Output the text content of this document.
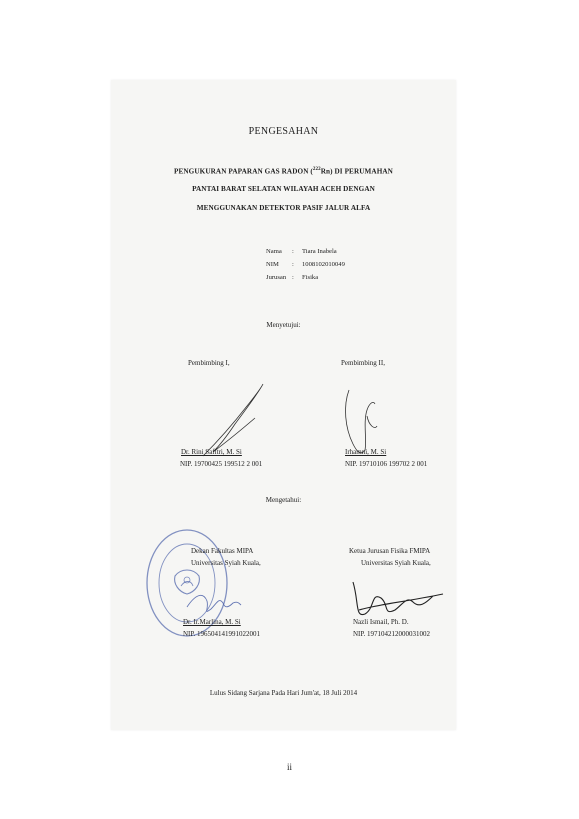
PENGESAHAN
PENGUKURAN PAPARAN GAS RADON ($^{222}$Rn) DI PERUMAHAN
PANTAI BARAT SELATAN WILAYAH ACEH DENGAN
MENGGUNAKAN DETEKTOR PASIF JALUR ALFA
Nama : Tiara Inabela
NIM : 1008102010049
Jurusan : Fisika
Menyetujui:
Pembimbing I,	Pembimbing II,
Dr. Rini Safitri, M. Si
NIP. 19700425 199512 2 001
Irhamni, M. Si
NIP. 19710106 199702 2 001
Mengetahui:
Dekan Fakultas MIPA
Universitas Syiah Kuala,
Ketua Jurusan Fisika FMIPA
Universitas Syiah Kuala,
Dr. Ir.Marlina, M. Si
NIP. 196504141991022001
Nazli Ismail, Ph. D.
NIP. 197104212000031002
Lulus Sidang Sarjana Pada Hari Jum'at, 18 Juli 2014
ii
